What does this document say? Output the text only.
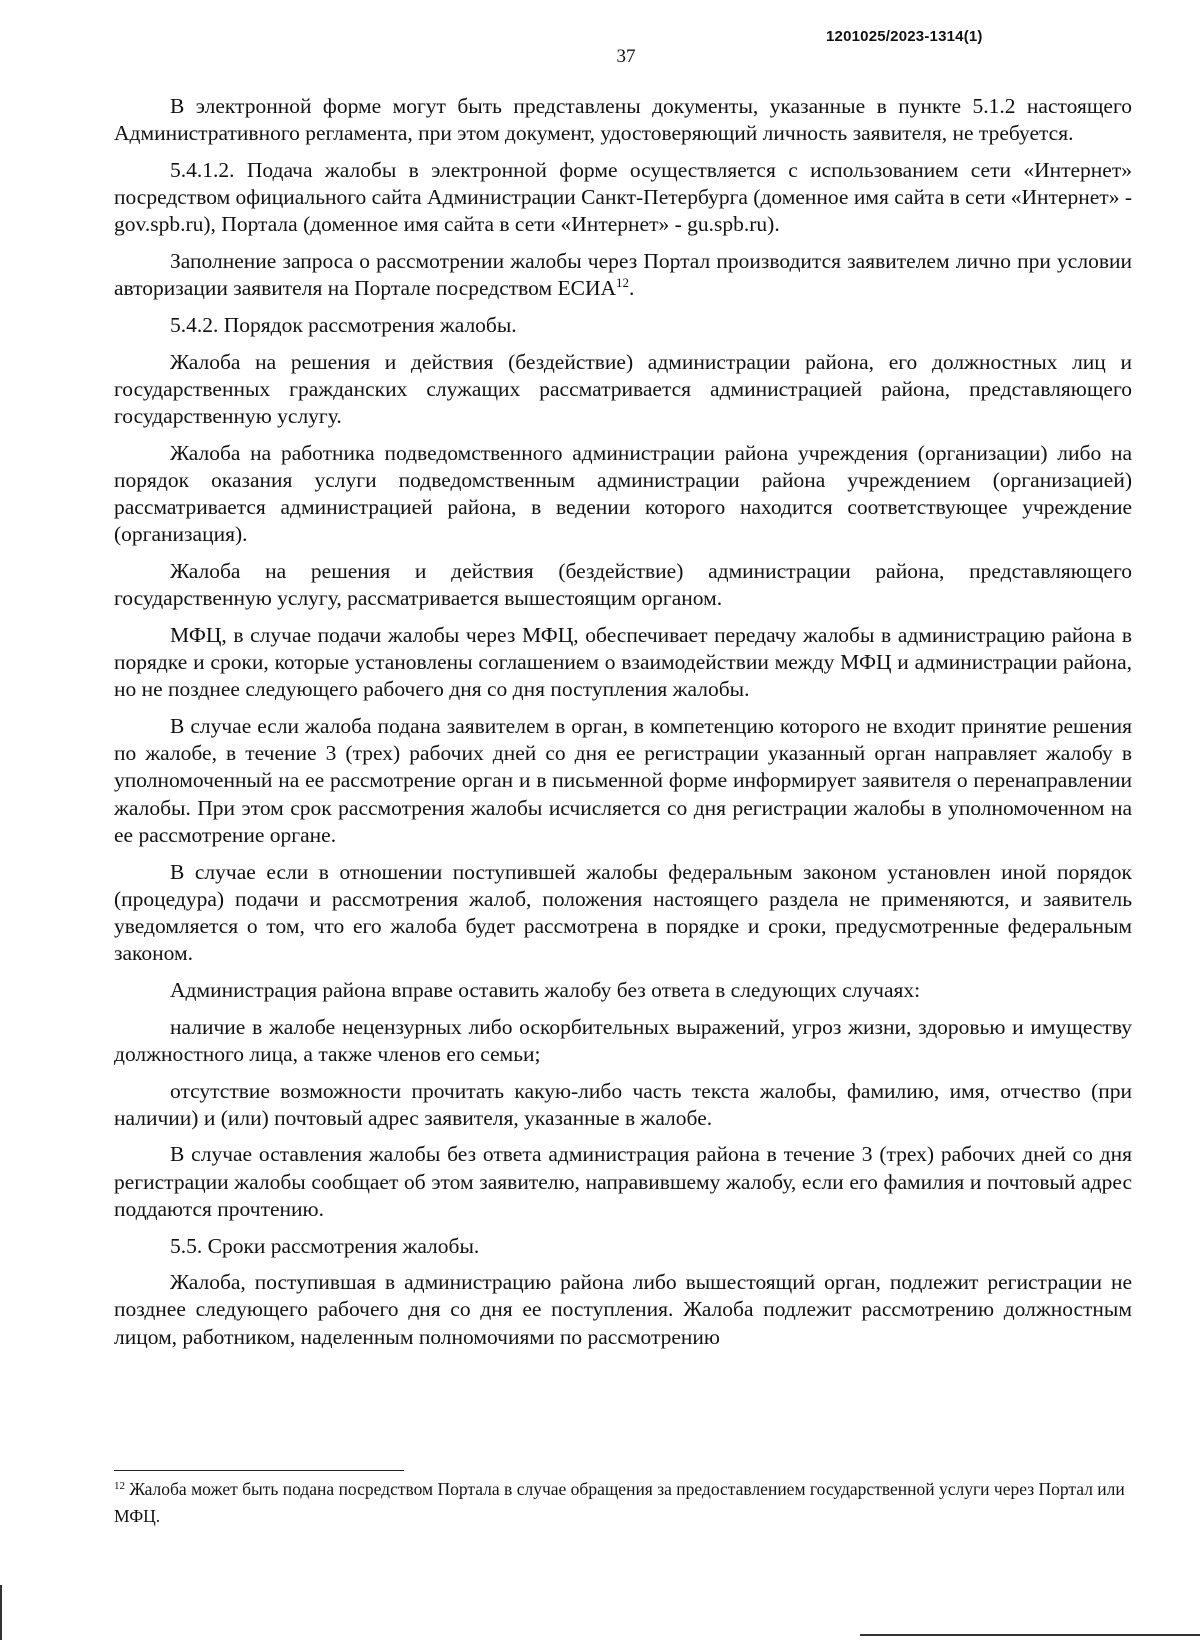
1201025/2023-1314(1)
37

В электронной форме могут быть представлены документы, указанные в пункте 5.1.2 настоящего Административного регламента, при этом документ, удостоверяющий личность заявителя, не требуется.

5.4.1.2. Подача жалобы в электронной форме осуществляется с использованием сети «Интернет» посредством официального сайта Администрации Санкт-Петербурга (доменное имя сайта в сети «Интернет» - gov.spb.ru), Портала (доменное имя сайта в сети «Интернет» - gu.spb.ru).

Заполнение запроса о рассмотрении жалобы через Портал производится заявителем лично при условии авторизации заявителя на Портале посредством ЕСИА$^{12}$.

5.4.2. Порядок рассмотрения жалобы.

Жалоба на решения и действия (бездействие) администрации района, его должностных лиц и государственных гражданских служащих рассматривается администрацией района, представляющего государственную услугу.

Жалоба на работника подведомственного администрации района учреждения (организации) либо на порядок оказания услуги подведомственным администрации района учреждением (организацией) рассматривается администрацией района, в ведении которого находится соответствующее учреждение (организация).

Жалоба на решения и действия (бездействие) администрации района, представляющего государственную услугу, рассматривается вышестоящим органом.

МФЦ, в случае подачи жалобы через МФЦ, обеспечивает передачу жалобы в администрацию района в порядке и сроки, которые установлены соглашением о взаимодействии между МФЦ и администрации района, но не позднее следующего рабочего дня со дня поступления жалобы.

В случае если жалоба подана заявителем в орган, в компетенцию которого не входит принятие решения по жалобе, в течение 3 (трех) рабочих дней со дня ее регистрации указанный орган направляет жалобу в уполномоченный на ее рассмотрение орган и в письменной форме информирует заявителя о перенаправлении жалобы. При этом срок рассмотрения жалобы исчисляется со дня регистрации жалобы в уполномоченном на ее рассмотрение органе.

В случае если в отношении поступившей жалобы федеральным законом установлен иной порядок (процедура) подачи и рассмотрения жалоб, положения настоящего раздела не применяются, и заявитель уведомляется о том, что его жалоба будет рассмотрена в порядке и сроки, предусмотренные федеральным законом.

Администрация района вправе оставить жалобу без ответа в следующих случаях:

наличие в жалобе нецензурных либо оскорбительных выражений, угроз жизни, здоровью и имуществу должностного лица, а также членов его семьи;

отсутствие возможности прочитать какую-либо часть текста жалобы, фамилию, имя, отчество (при наличии) и (или) почтовый адрес заявителя, указанные в жалобе.

В случае оставления жалобы без ответа администрация района в течение 3 (трех) рабочих дней со дня регистрации жалобы сообщает об этом заявителю, направившему жалобу, если его фамилия и почтовый адрес поддаются прочтению.

5.5. Сроки рассмотрения жалобы.

Жалоба, поступившая в администрацию района либо вышестоящий орган, подлежит регистрации не позднее следующего рабочего дня со дня ее поступления. Жалоба подлежит рассмотрению должностным лицом, работником, наделенным полномочиями по рассмотрению

$^{12}$ Жалоба может быть подана посредством Портала в случае обращения за предоставлением государственной услуги через Портал или МФЦ.
